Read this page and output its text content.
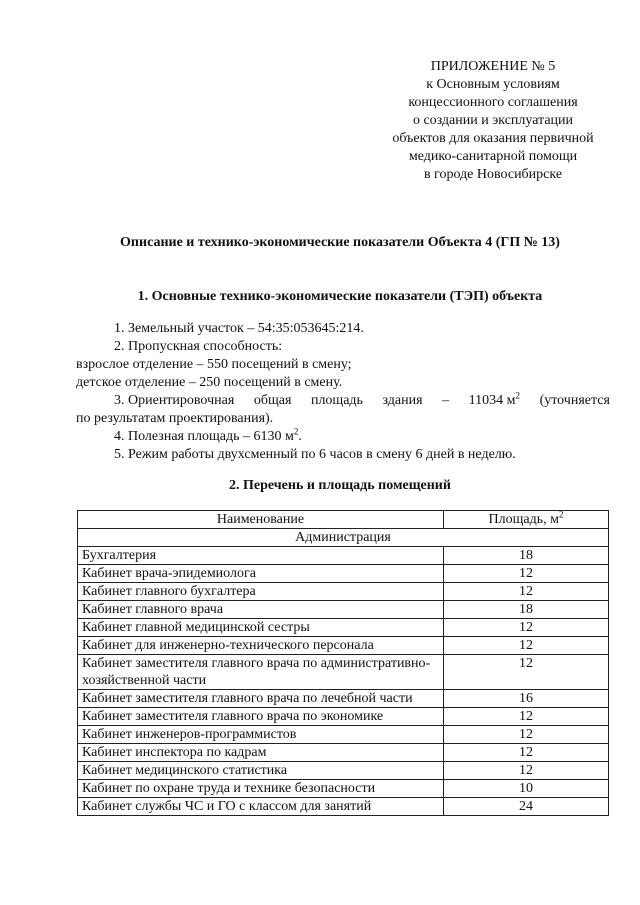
ПРИЛОЖЕНИЕ № 5
к Основным условиям
концессионного соглашения
о создании и эксплуатации
объектов для оказания первичной
медико-санитарной помощи
в городе Новосибирске
Описание и технико-экономические показатели Объекта 4 (ГП № 13)
1. Основные технико-экономические показатели (ТЭП) объекта
1. Земельный участок – 54:35:053645:214.
2. Пропускная способность:
взрослое отделение – 550 посещений в смену;
детское отделение – 250 посещений в смену.
3. Ориентировочная общая площадь здания – 11034 $м^2$ (уточняется
по результатам проектирования).
4. Полезная площадь – 6130 $м^2$.
5. Режим работы двухсменный по 6 часов в смену 6 дней в неделю.
2. Перечень и площадь помещений
Наименование	Площадь, $м^2$
Администрация	
Бухгалтерия	18
Кабинет врача-эпидемиолога	12
Кабинет главного бухгалтера	12
Кабинет главного врача	18
Кабинет главной медицинской сестры	12
Кабинет для инженерно-технического персонала	12
Кабинет заместителя главного врача по административно- хозяйственной части	12
Кабинет заместителя главного врача по лечебной части	16
Кабинет заместителя главного врача по экономике	12
Кабинет инженеров-программистов	12
Кабинет инспектора по кадрам	12
Кабинет медицинского статистика	12
Кабинет по охране труда и технике безопасности	10
Кабинет службы ЧС и ГО с классом для занятий	24
